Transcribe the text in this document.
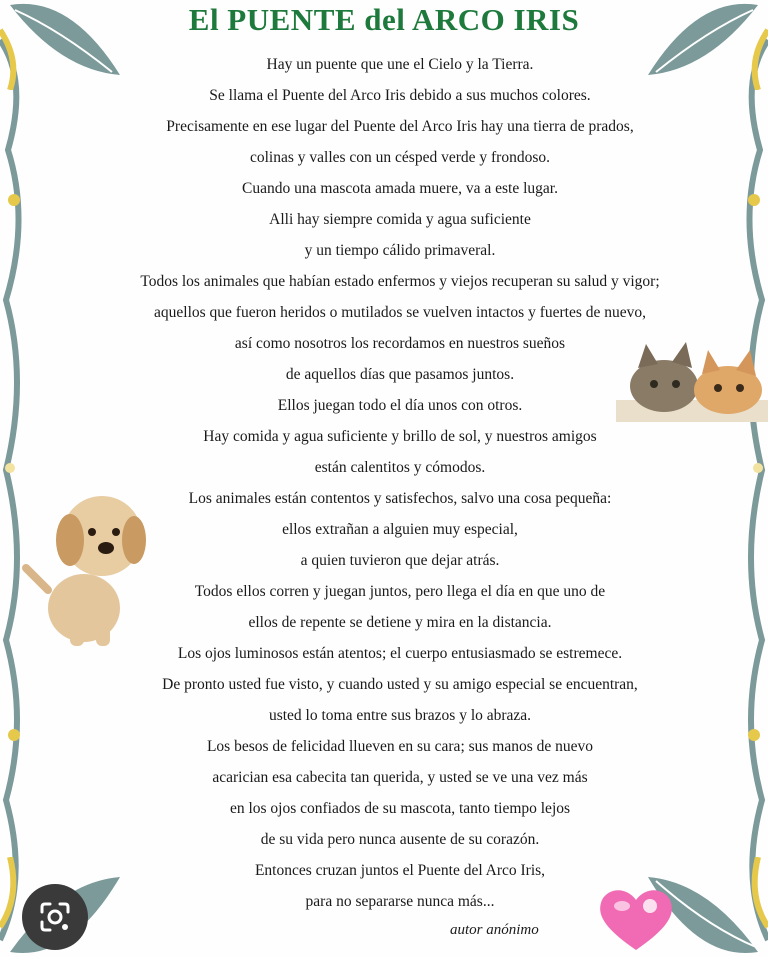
El PUENTE del ARCO IRIS
Hay un puente que une el Cielo y la Tierra.
Se llama el Puente del Arco Iris debido a sus muchos colores.
Precisamente en ese lugar del Puente del Arco Iris hay una tierra de prados,
colinas y valles con un césped verde y frondoso.
Cuando una mascota amada muere, va a este lugar.
Alli hay siempre comida y agua suficiente
y un tiempo cálido primaveral.
Todos los animales que habían estado enfermos y viejos recuperan su salud y vigor;
aquellos que fueron heridos o mutilados se vuelven intactos y fuertes de nuevo,
así como nosotros los recordamos en nuestros sueños
de aquellos días que pasamos juntos.
Ellos juegan todo el día unos con otros.
Hay comida y agua suficiente y brillo de sol, y nuestros amigos
están calentitos y cómodos.
Los animales están contentos y satisfechos, salvo una cosa pequeña:
ellos extrañan a alguien muy especial,
a quien tuvieron que dejar atrás.
Todos ellos corren y juegan juntos, pero llega el día en que uno de
ellos de repente se detiene y mira en la distancia.
Los ojos luminosos están atentos; el cuerpo entusiasmado se estremece.
De pronto usted fue visto, y cuando usted y su amigo especial se encuentran,
usted lo toma entre sus brazos y lo abraza.
Los besos de felicidad llueven en su cara; sus manos de nuevo
acarician esa cabecita tan querida, y usted se ve una vez más
en los ojos confiados de su mascota, tanto tiempo lejos
de su vida pero nunca ausente de su corazón.
Entonces cruzan juntos el Puente del Arco Iris,
para no separarse nunca más...
autor anónimo
